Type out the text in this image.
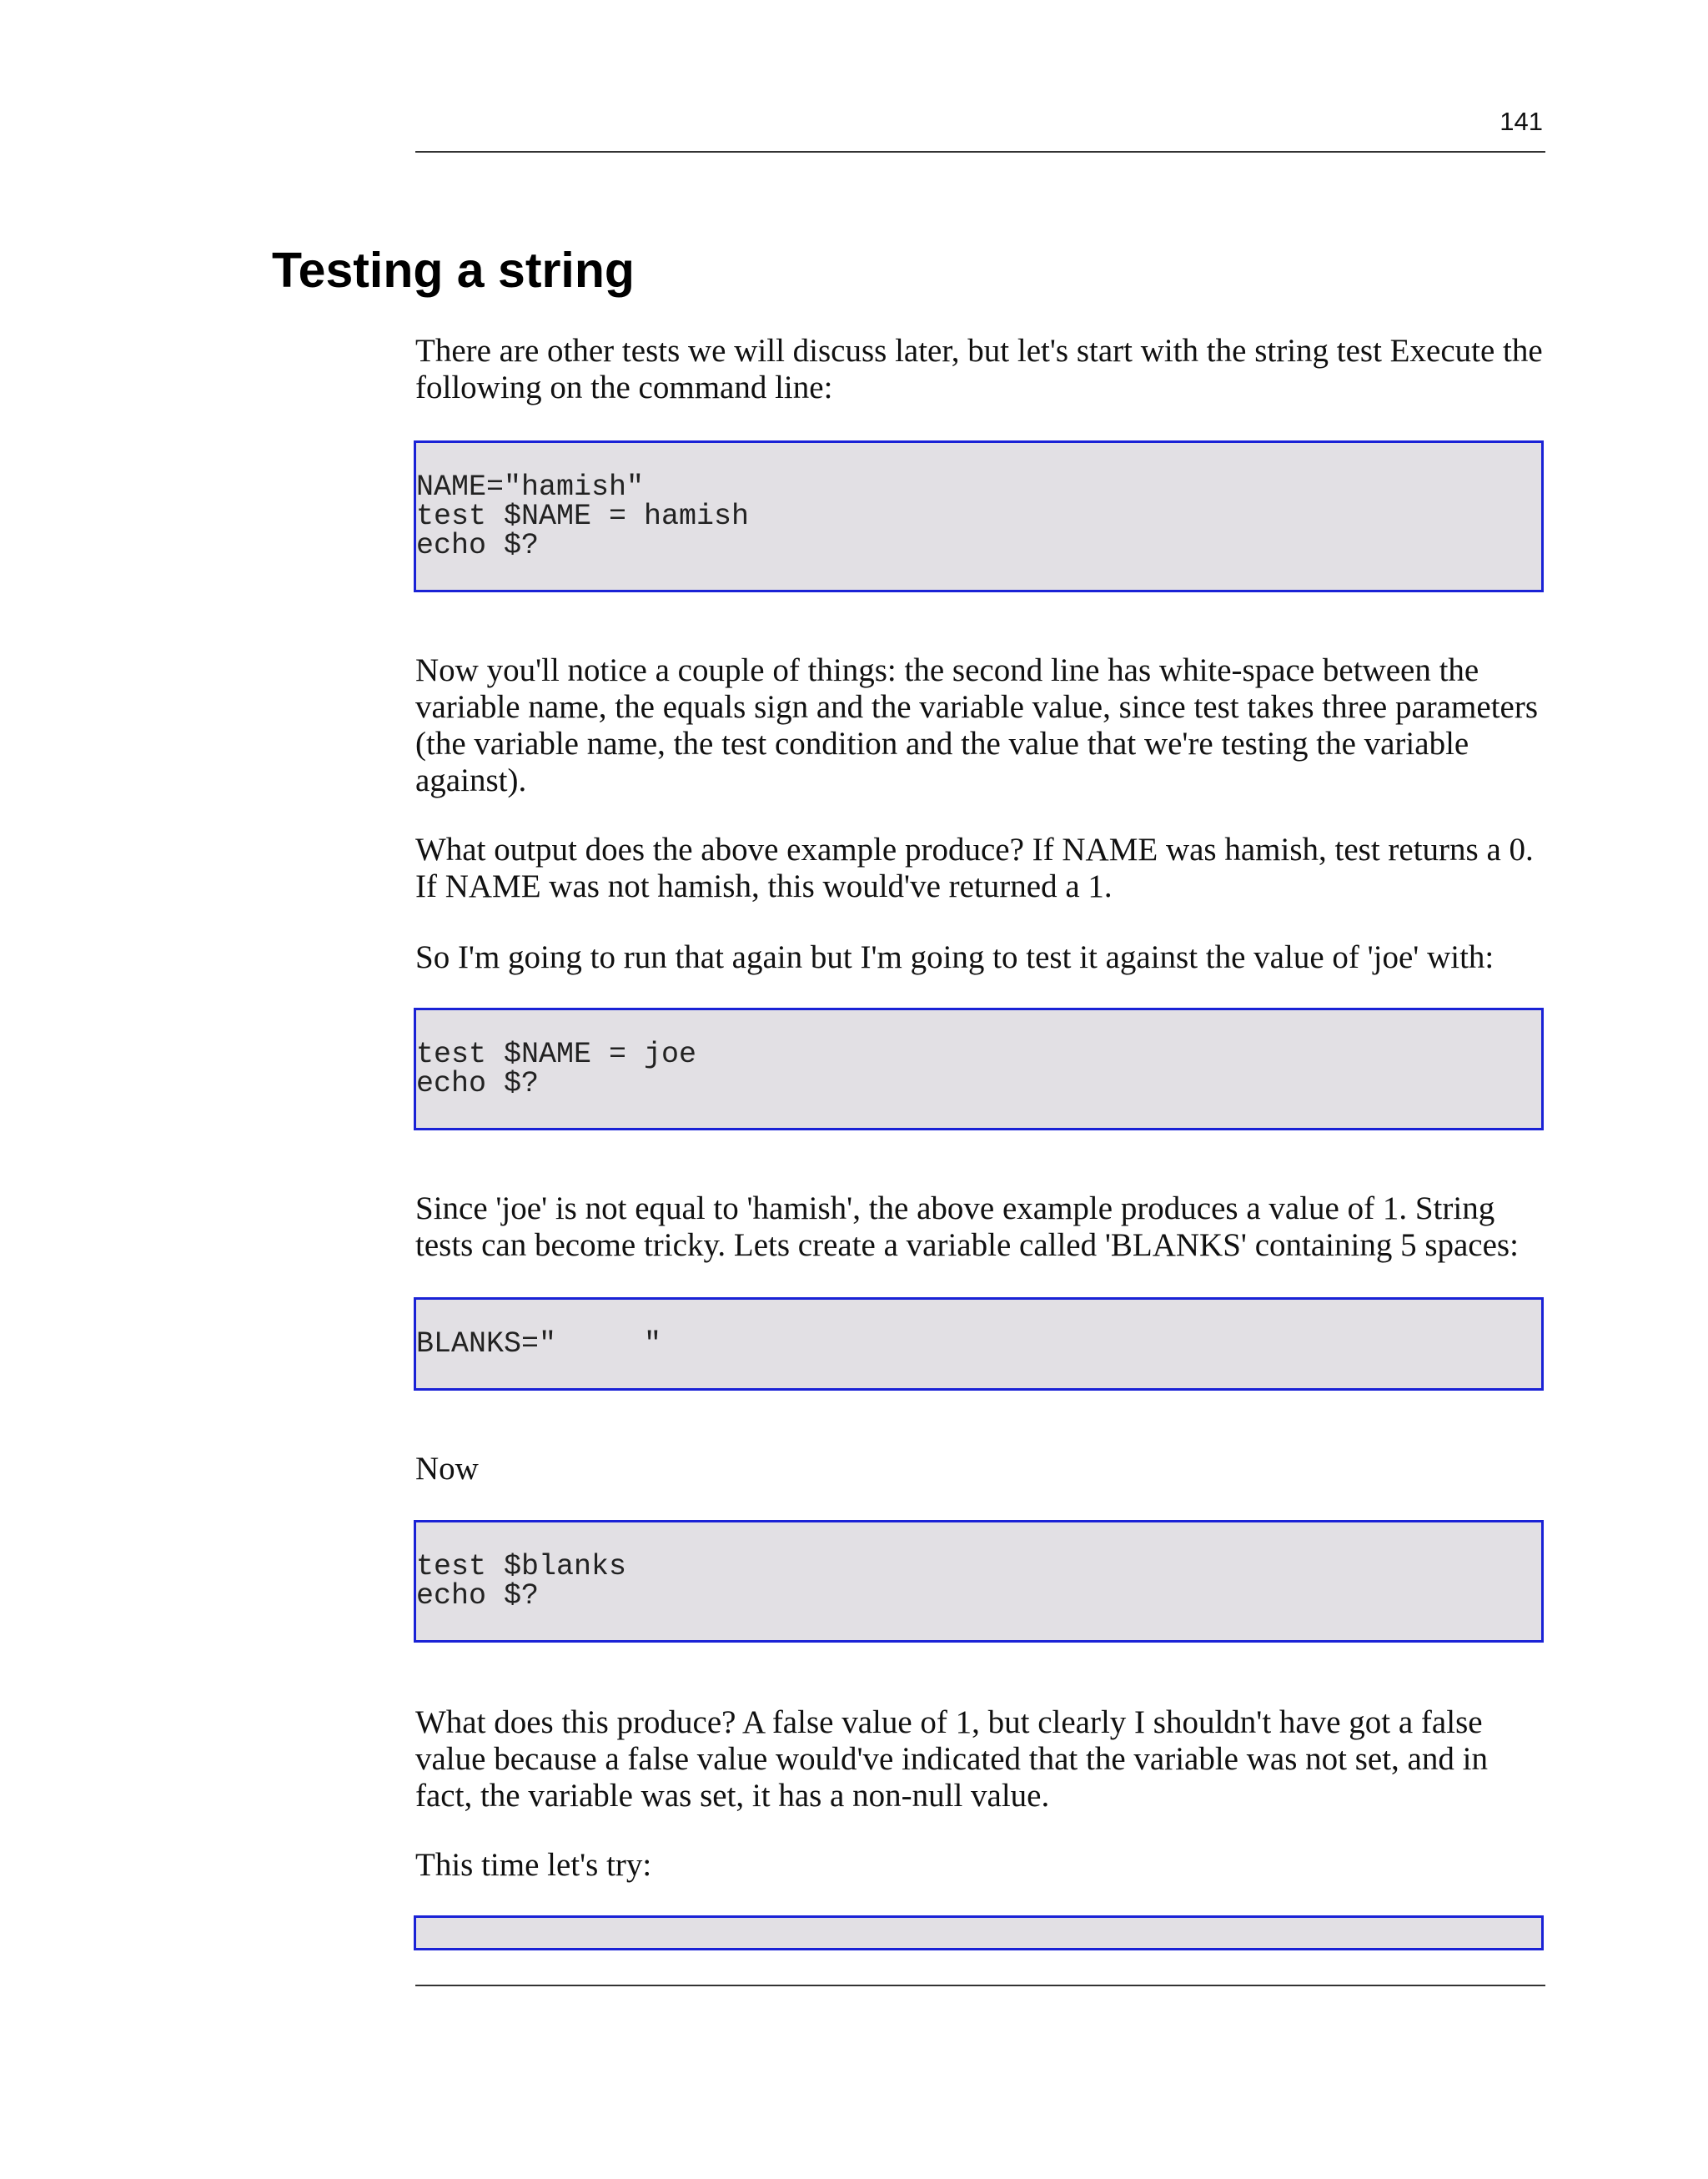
141
Testing a string

There are other tests we will discuss later, but let's start with the string test Execute the following on the command line:

NAME="hamish"
test $NAME = hamish
echo $?

Now you'll notice a couple of things: the second line has white-space between the variable name, the equals sign and the variable value, since test takes three parameters (the variable name, the test condition and the value that we're testing the variable against).

What output does the above example produce? If NAME was hamish, test returns a 0. If NAME was not hamish, this would've returned a 1.

So I'm going to run that again but I'm going to test it against the value of 'joe' with:

test $NAME = joe
echo $?

Since 'joe' is not equal to 'hamish', the above example produces a value of 1. String tests can become tricky. Lets create a variable called 'BLANKS' containing 5 spaces:

BLANKS="     "

Now

test $blanks
echo $?

What does this produce? A false value of 1, but clearly I shouldn't have got a false value because a false value would've indicated that the variable was not set, and in fact, the variable was set, it has a non-null value.

This time let's try:
